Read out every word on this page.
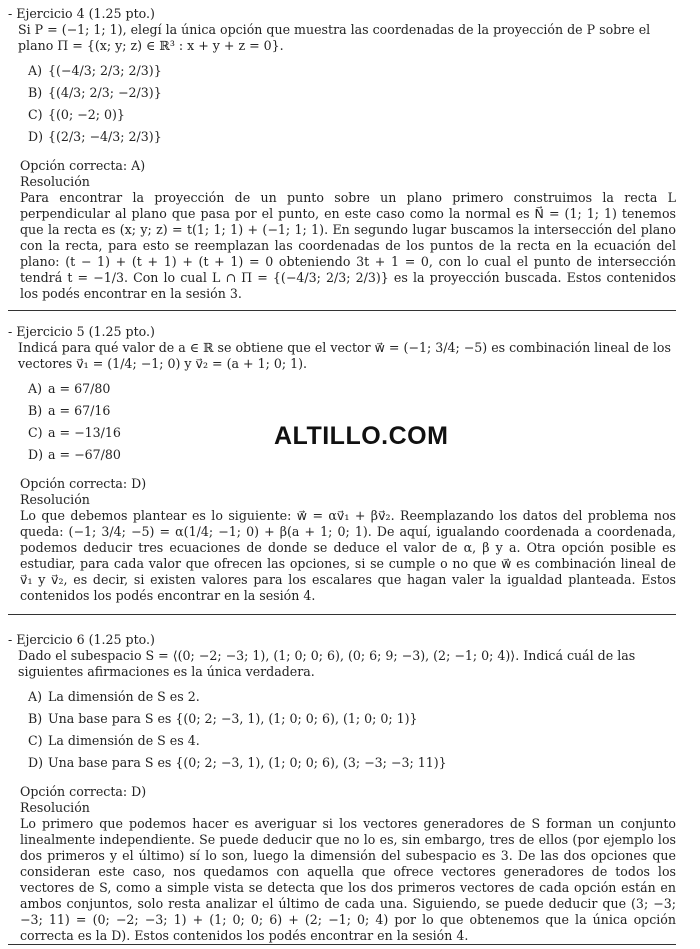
- Ejercicio 4 (1.25 pto.)
Si P = (−1; 1; 1), elegí la única opción que muestra las coordenadas de la proyección de P sobre el plano Π = {(x; y; z) ∈ ℝ³ : x + y + z = 0}.
A) {(−4/3; 2/3; 2/3)}
B) {(4/3; 2/3; −2/3)}
C) {(0; −2; 0)}
D) {(2/3; −4/3; 2/3)}
Opción correcta: A)
Resolución
Para encontrar la proyección de un punto sobre un plano primero construimos la recta L perpendicular al plano que pasa por el punto, en este caso como la normal es N⃗ = (1; 1; 1) tenemos que la recta es (x; y; z) = t(1; 1; 1) + (−1; 1; 1). En segundo lugar buscamos la intersección del plano con la recta, para esto se reemplazan las coordenadas de los puntos de la recta en la ecuación del plano: (t − 1) + (t + 1) + (t + 1) = 0 obteniendo 3t + 1 = 0, con lo cual el punto de intersección tendrá t = −1/3. Con lo cual L ∩ Π = {(−4/3; 2/3; 2/3)} es la proyección buscada. Estos contenidos los podés encontrar en la sesión 3.
- Ejercicio 5 (1.25 pto.)
Indicá para qué valor de a ∈ ℝ se obtiene que el vector w⃗ = (−1; 3/4; −5) es combinación lineal de los vectores v⃗₁ = (1/4; −1; 0) y v⃗₂ = (a + 1; 0; 1).
A) a = 67/80
B) a = 67/16
C) a = −13/16
D) a = −67/80
Opción correcta: D)
Resolución
Lo que debemos plantear es lo siguiente: w⃗ = αv⃗₁ + βv⃗₂. Reemplazando los datos del problema nos queda: (−1; 3/4; −5) = α(1/4; −1; 0) + β(a + 1; 0; 1). De aquí, igualando coordenada a coordenada, podemos deducir tres ecuaciones de donde se deduce el valor de α, β y a. Otra opción posible es estudiar, para cada valor que ofrecen las opciones, si se cumple o no que w⃗ es combinación lineal de v⃗₁ y v⃗₂, es decir, si existen valores para los escalares que hagan valer la igualdad planteada. Estos contenidos los podés encontrar en la sesión 4.
ALTILLO.COM
- Ejercicio 6 (1.25 pto.)
Dado el subespacio S = ⟨(0; −2; −3; 1), (1; 0; 0; 6), (0; 6; 9; −3), (2; −1; 0; 4)⟩. Indicá cuál de las siguientes afirmaciones es la única verdadera.
A) La dimensión de S es 2.
B) Una base para S es {(0; 2; −3, 1), (1; 0; 0; 6), (1; 0; 0; 1)}
C) La dimensión de S es 4.
D) Una base para S es {(0; 2; −3, 1), (1; 0; 0; 6), (3; −3; −3; 11)}
Opción correcta: D)
Resolución
Lo primero que podemos hacer es averiguar si los vectores generadores de S forman un conjunto linealmente independiente. Se puede deducir que no lo es, sin embargo, tres de ellos (por ejemplo los dos primeros y el último) sí lo son, luego la dimensión del subespacio es 3. De las dos opciones que consideran este caso, nos quedamos con aquella que ofrece vectores generadores de todos los vectores de S, como a simple vista se detecta que los dos primeros vectores de cada opción están en ambos conjuntos, solo resta analizar el último de cada una. Siguiendo, se puede deducir que (3; −3; −3; 11) = (0; −2; −3; 1) + (1; 0; 0; 6) + (2; −1; 0; 4) por lo que obtenemos que la única opción correcta es la D). Estos contenidos los podés encontrar en la sesión 4.
